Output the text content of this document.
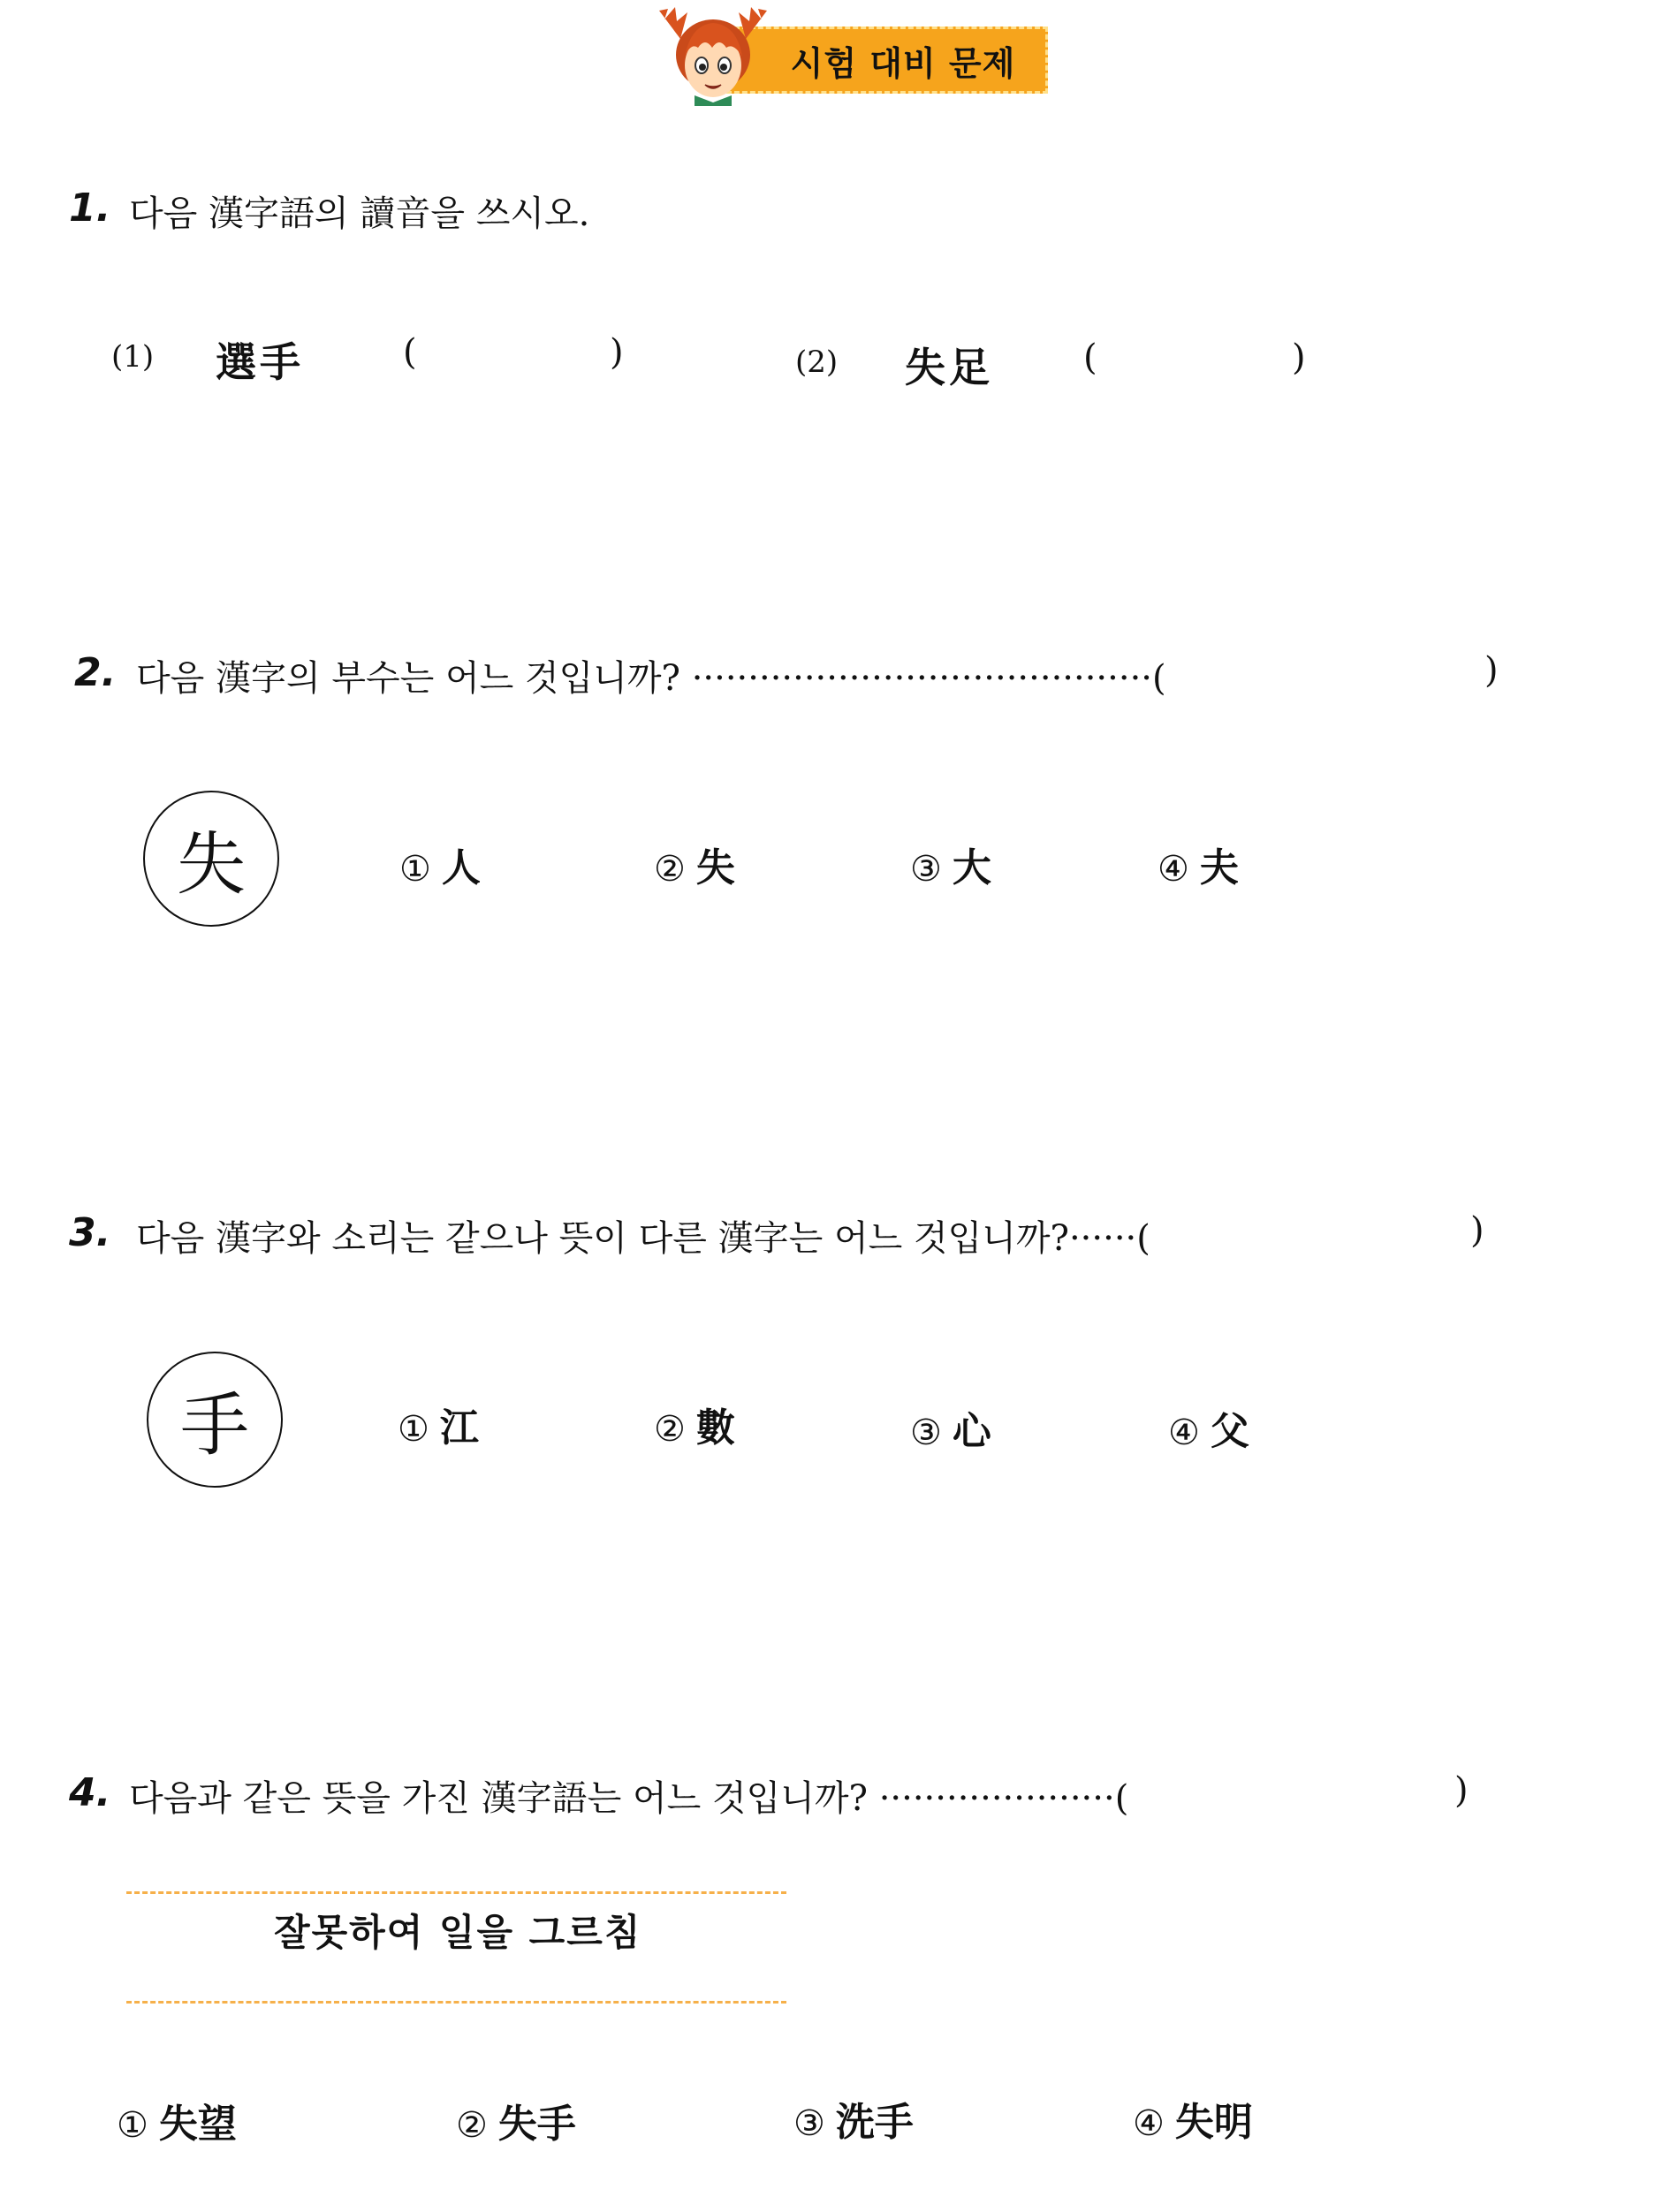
시험 대비 문제
1. 다음 漢字語의 讀音을 쓰시오.
(1) 選手	(	)	(2) 失足	(	)
2. 다음 漢字의 부수는 어느 것입니까? ·········································(	)
失	① 人	② 失	③ 大	④ 夫
3. 다음 漢字와 소리는 같으나 뜻이 다른 漢字는 어느 것입니까?······(	)
手	① 江	② 數	③ 心	④ 父
4. 다음과 같은 뜻을 가진 漢字語는 어느 것입니까? ·····················(	)
잘못하여 일을 그르침
① 失望	② 失手	③ 洗手	④ 失明
